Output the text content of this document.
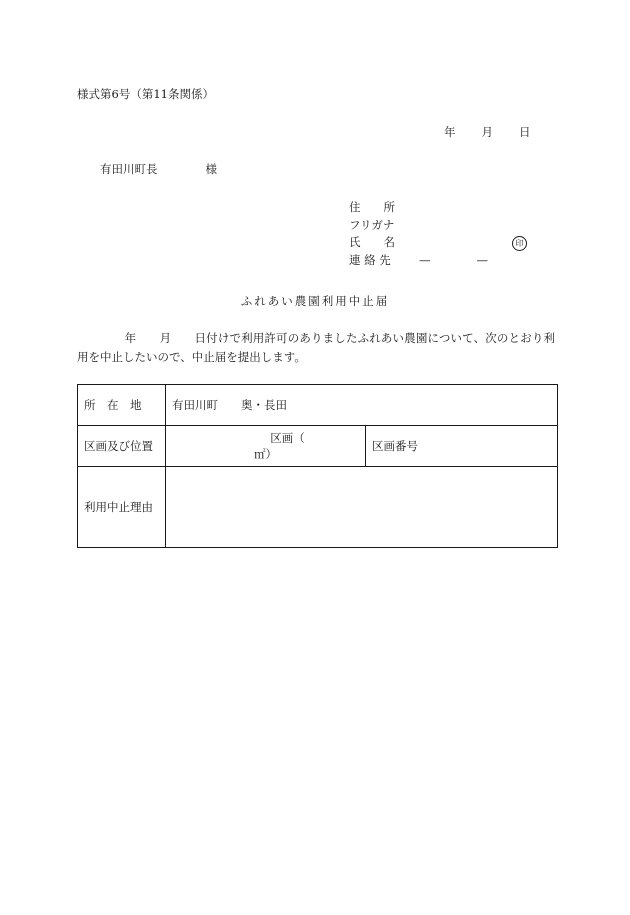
様式第6号（第11条関係）
年 月 日
有田川町長	様
住　　所
フリガナ
氏　　名	印
連 絡 先	—	—
ふれあい農園利用中止届
　年　　月　　日付けで利用許可のありましたふれあい農園について、次のとおり利用を中止したいので、中止届を提出します。
所　在　地	有田川町　　奥・長田	
区画及び位置	区画（㎡）	区画番号
利用中止理由		
